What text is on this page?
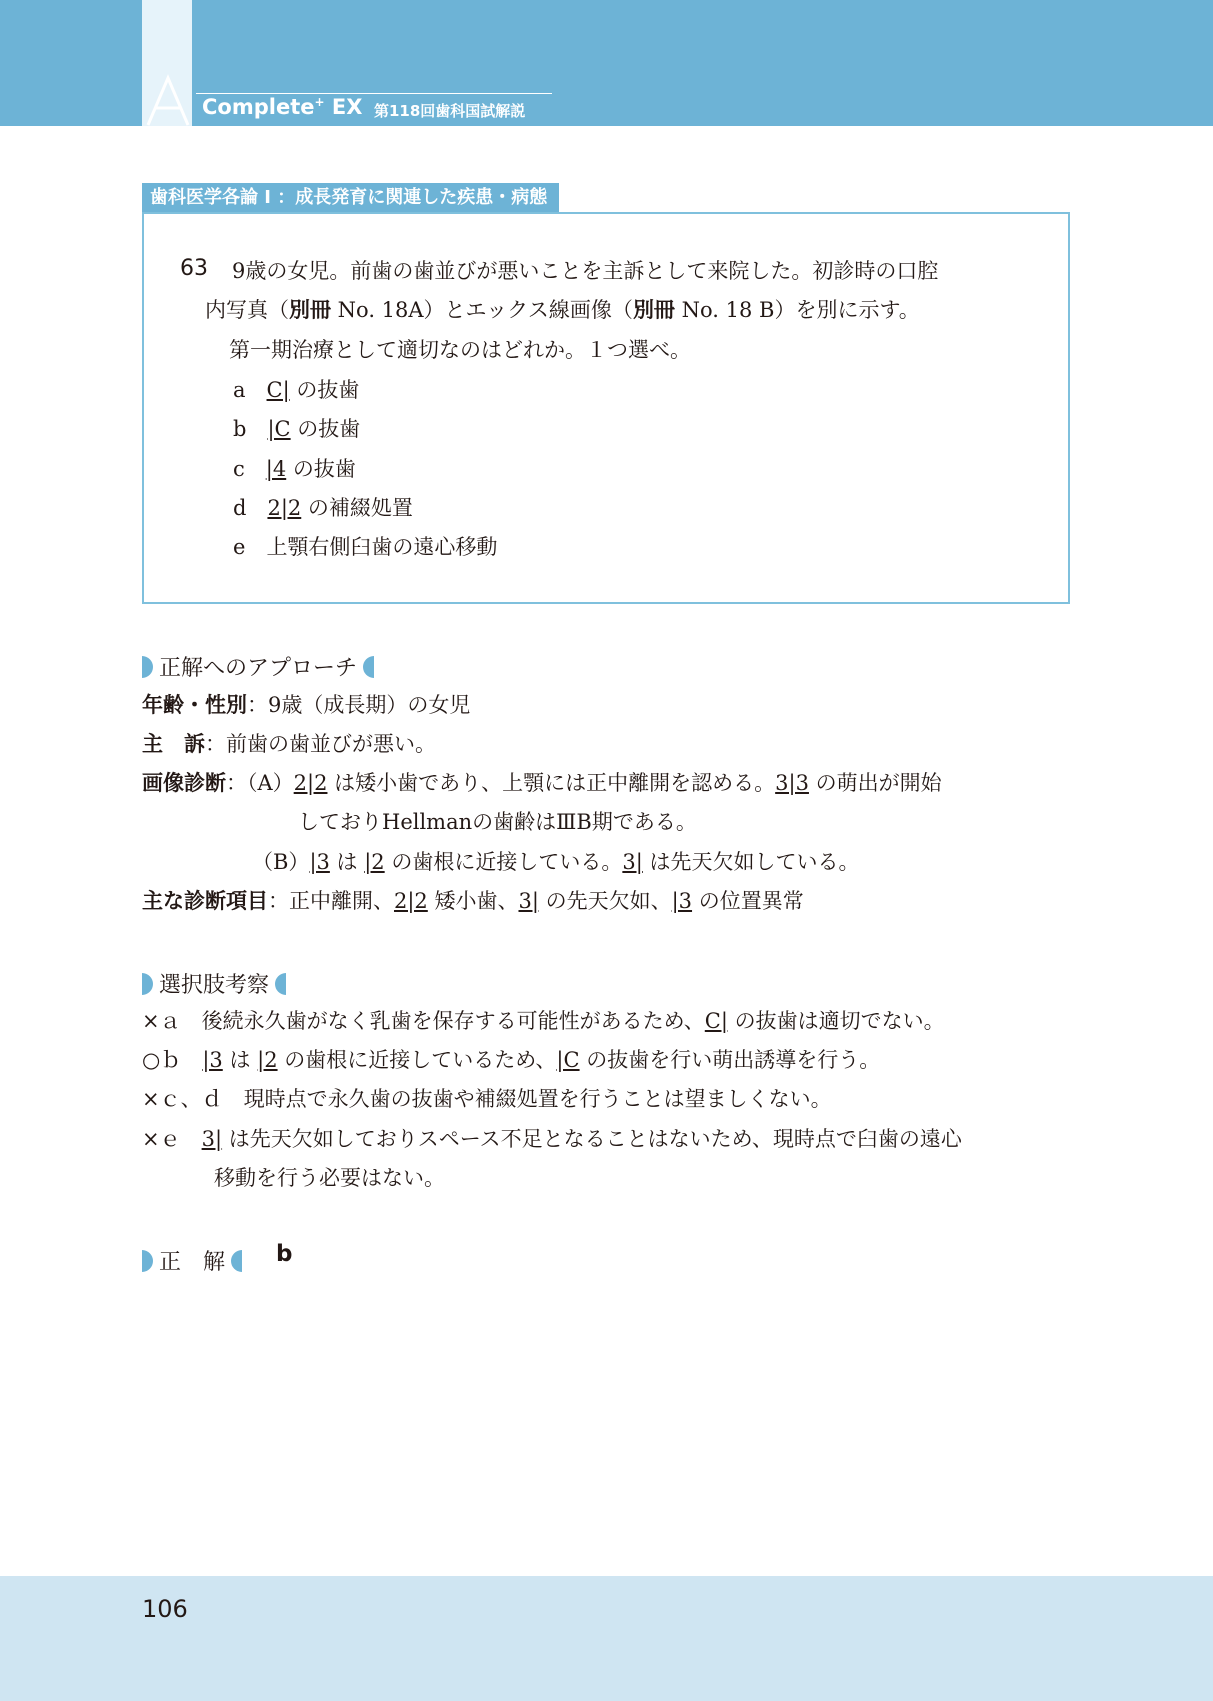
Complete+ EX 第118回歯科国試解説
歯科医学各論 I ：成長発育に関連した疾患・病態
63 9歳の女児。前歯の歯並びが悪いことを主訴として来院した。初診時の口腔
内写真（別冊 No. 18A）とエックス線画像（別冊 No. 18 B）を別に示す。
第一期治療として適切なのはどれか。１つ選べ。
a　 C| の抜歯
b　 |C の抜歯
c　 |4 の抜歯
d　 2|2 の補綴処置
e　 上顎右側臼歯の遠心移動
正解へのアプローチ
年齢・性別：9歳（成長期）の女児
主　訴：前歯の歯並びが悪い。
画像診断：（A）2|2 は矮小歯であり、上顎には正中離開を認める。3|3 の萌出が開始
しておりHellmanの歯齢はⅢB期である。
（B）|3 は |2 の歯根に近接している。3| は先天欠如している。
主な診断項目：正中離開、2|2 矮小歯、3| の先天欠如、|3 の位置異常
選択肢考察
×ａ　 後続永久歯がなく乳歯を保存する可能性があるため、C| の抜歯は適切でない。
○ｂ　 |3 は |2 の歯根に近接しているため、|C の抜歯を行い萌出誘導を行う。
×ｃ、ｄ　 現時点で永久歯の抜歯や補綴処置を行うことは望ましくない。
×ｅ　 3| は先天欠如しておりスペース不足となることはないため、現時点で臼歯の遠心
移動を行う必要はない。
正　解 b
106
